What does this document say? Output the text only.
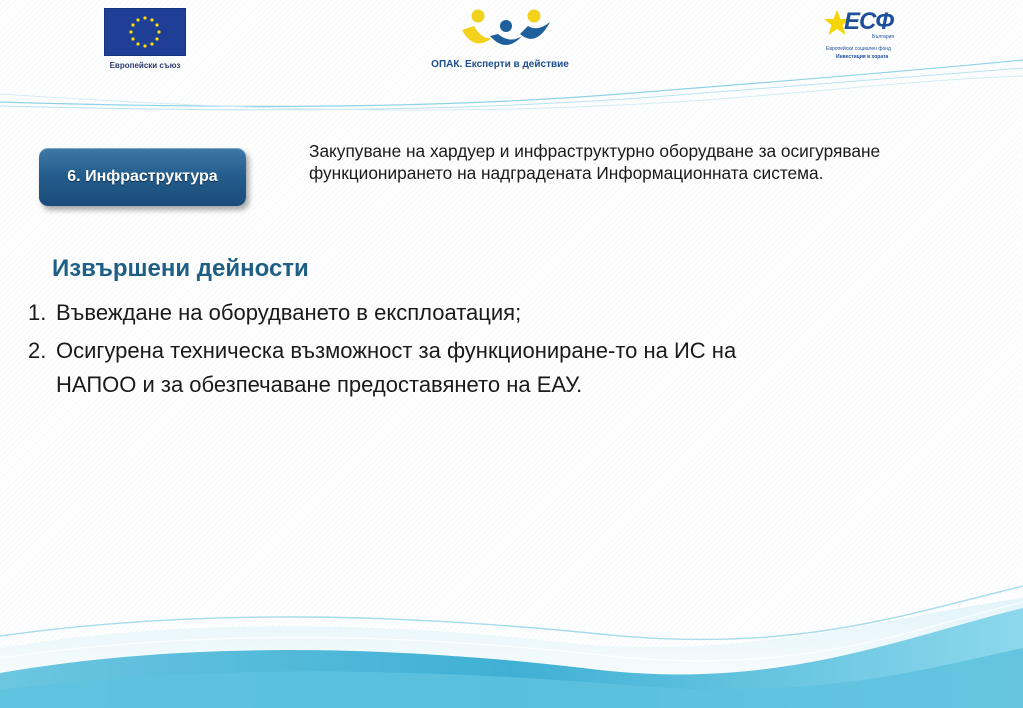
Европейски съюз	ОПАК. Експерти в действие
ЕСФ
България
Европейски социален фонд
Инвестиция в хората
6. Инфраструктура
Закупуване на хардуер и инфраструктурно оборудване за осигуряване функционирането на надградената Информационната система.
Извършени дейности
1. Въвеждане на оборудването в експлоатация;
2. Осигурена техническа възможност за функциониране-то на ИС на НАПОО и за обезпечаване предоставянето на ЕАУ.
